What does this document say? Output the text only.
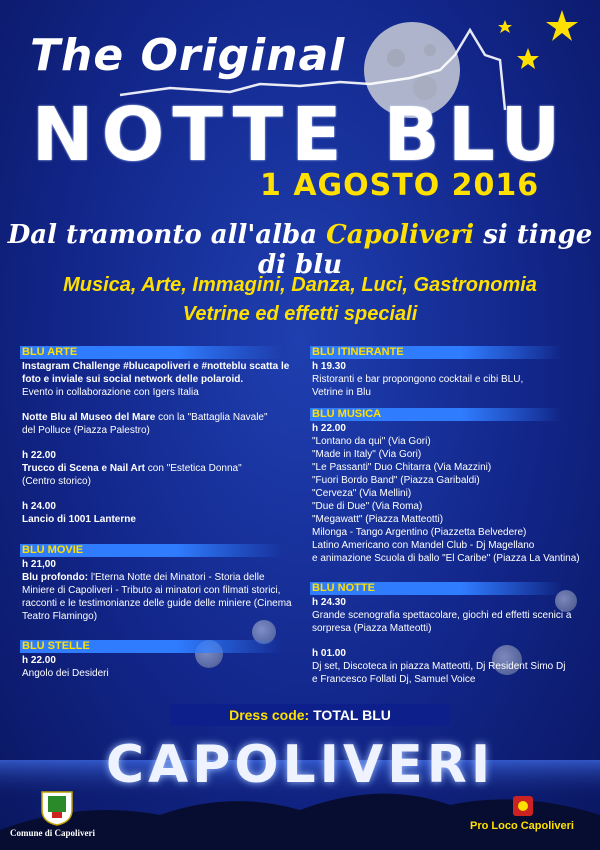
The Original
NOTTE BLU
1 AGOSTO 2016
Dal tramonto all'alba Capoliveri si tinge di blu
Musica, Arte, Immagini, Danza, Luci, Gastronomia
Vetrine ed effetti speciali
BLU ARTE

Instagram Challenge #blucapoliveri e #notteblu scatta le

foto e inviale sui social network delle polaroid.

Evento in collaborazione con Igers Italia

Notte Blu al Museo del Mare con la "Battaglia Navale"

del Polluce (Piazza Palestro)

h 22.00

Trucco di Scena e Nail Art con "Estetica Donna"

(Centro storico)

h 24.00

Lancio di 1001 Lanterne

BLU MOVIE

h 21,00

Blu profondo: l'Eterna Notte dei Minatori - Storia delle

Miniere di Capoliveri - Tributo ai minatori con filmati storici,

racconti e le testimonianze delle guide delle miniere (Cinema

Teatro Flamingo)

BLU STELLE

h 22.00

Angolo dei Desideri

BLU ITINERANTE

h 19.30

Ristoranti e bar propongono cocktail e cibi BLU,

Vetrine in Blu

BLU MUSICA

h 22.00

"Lontano da qui" (Via Gori)

"Made in Italy" (Via Gori)

"Le Passanti" Duo Chitarra (Via Mazzini)

"Fuori Bordo Band" (Piazza Garibaldi)

"Cerveza" (Via Mellini)

"Due di Due" (Via Roma)

"Megawatt" (Piazza Matteotti)

Milonga - Tango Argentino (Piazzetta Belvedere)

Latino Americano con Mandel Club - Dj Magellano

e animazione Scuola di ballo "El Caribe" (Piazza La Vantina)

BLU NOTTE

h 24.30

Grande scenografia spettacolare, giochi ed effetti scenici a

sorpresa (Piazza Matteotti)

h 01.00

Dj set, Discoteca in piazza Matteotti, Dj Resident Simo Dj

e Francesco Follati Dj, Samuel Voice

Dress code: TOTAL BLU
CAPOLIVERI
Comune di Capoliveri
Pro Loco Capoliveri
